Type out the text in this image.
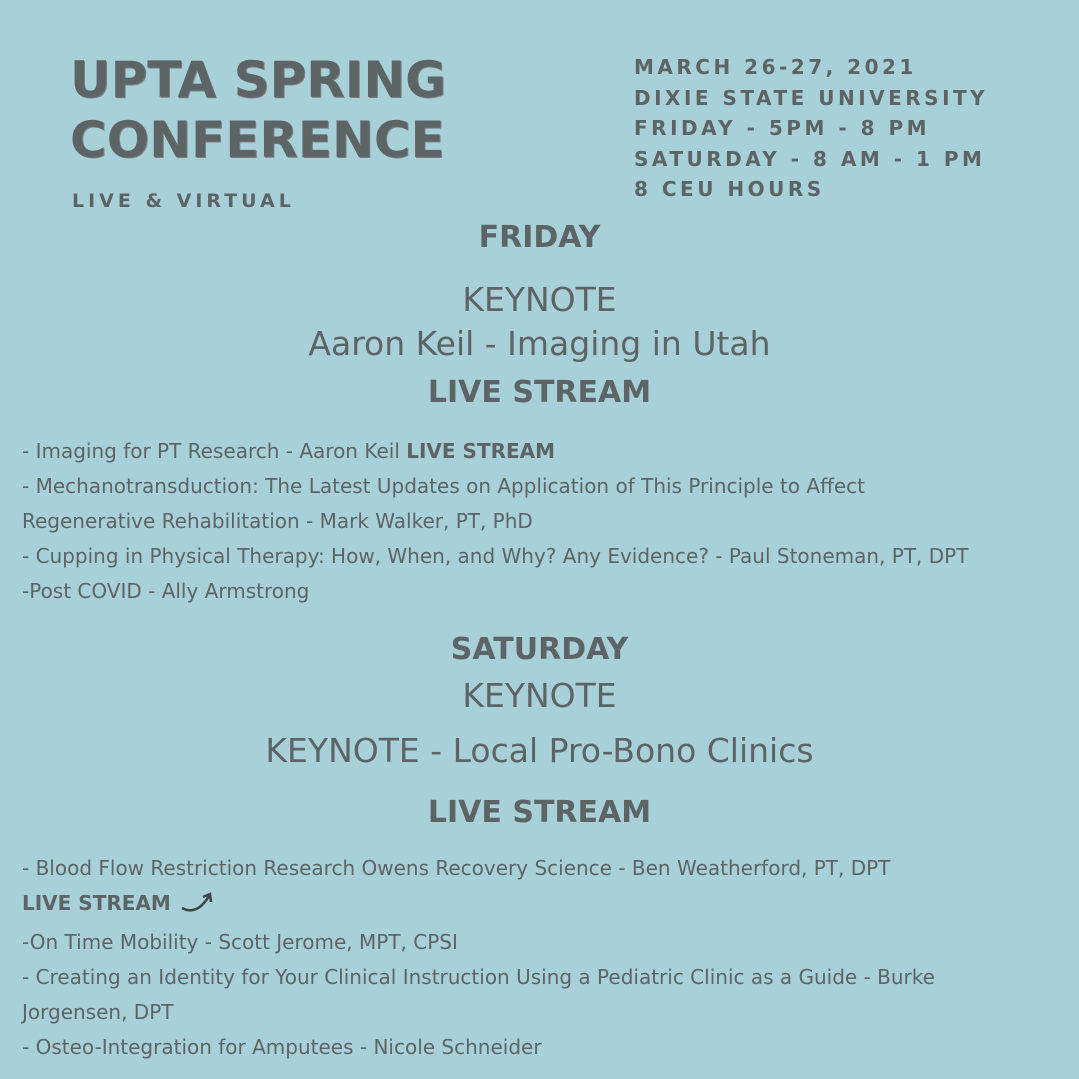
UPTA SPRING
CONFERENCE
LIVE & VIRTUAL
MARCH 26-27, 2021
DIXIE STATE UNIVERSITY
FRIDAY - 5PM - 8 PM
SATURDAY - 8 AM - 1 PM
8 CEU HOURS
FRIDAY
KEYNOTE
Aaron Keil - Imaging in Utah
LIVE STREAM
- Imaging for PT Research - Aaron Keil LIVE STREAM
- Mechanotransduction: The Latest Updates on Application of This Principle to Affect
Regenerative Rehabilitation - Mark Walker, PT, PhD
- Cupping in Physical Therapy: How, When, and Why? Any Evidence? - Paul Stoneman, PT, DPT
-Post COVID - Ally Armstrong
SATURDAY
KEYNOTE
KEYNOTE - Local Pro-Bono Clinics
LIVE STREAM
- Blood Flow Restriction Research Owens Recovery Science - Ben Weatherford, PT, DPT
LIVE STREAM
-On Time Mobility - Scott Jerome, MPT, CPSI
- Creating an Identity for Your Clinical Instruction Using a Pediatric Clinic as a Guide - Burke
Jorgensen, DPT
- Osteo-Integration for Amputees - Nicole Schneider
